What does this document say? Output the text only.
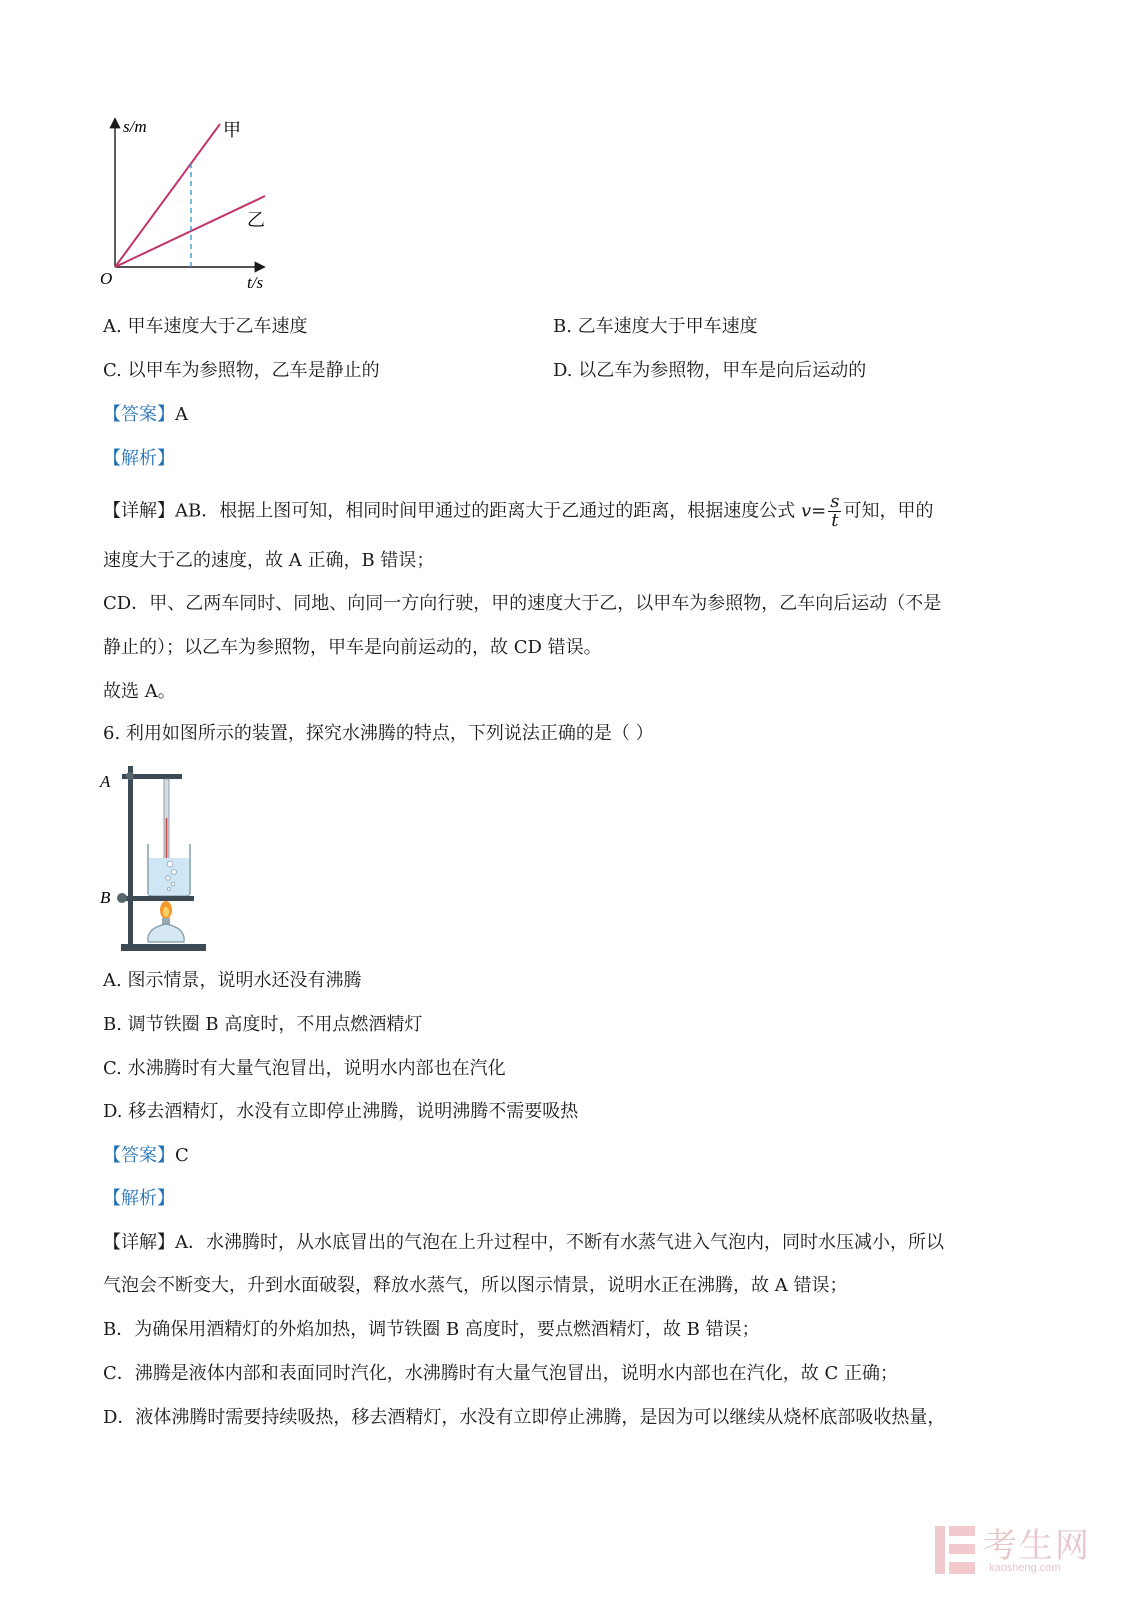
s/m
t/s
O
甲
乙
A. 甲车速度大于乙车速度	B. 乙车速度大于甲车速度
C. 以甲车为参照物，乙车是静止的	D. 以乙车为参照物，甲车是向后运动的
【答案】A
【解析】
【详解】AB．根据上图可知，相同时间甲通过的距离大于乙通过的距离，根据速度公式 $v= \frac{s}{t}$ 可知，甲的
速度大于乙的速度，故 A 正确，B 错误；
CD．甲、乙两车同时、同地、向同一方向行驶，甲的速度大于乙，以甲车为参照物，乙车向后运动（不是
静止的）；以乙车为参照物，甲车是向前运动的，故 CD 错误。
故选 A。
6. 利用如图所示的装置，探究水沸腾的特点，下列说法正确的是（ ）
A
B
A. 图示情景，说明水还没有沸腾
B. 调节铁圈 B 高度时，不用点燃酒精灯
C. 水沸腾时有大量气泡冒出，说明水内部也在汽化
D. 移去酒精灯，水没有立即停止沸腾，说明沸腾不需要吸热
【答案】C
【解析】
【详解】A．水沸腾时，从水底冒出的气泡在上升过程中，不断有水蒸气进入气泡内，同时水压减小，所以
气泡会不断变大，升到水面破裂，释放水蒸气，所以图示情景，说明水正在沸腾，故 A 错误；
B．为确保用酒精灯的外焰加热，调节铁圈 B 高度时，要点燃酒精灯，故 B 错误；
C．沸腾是液体内部和表面同时汽化，水沸腾时有大量气泡冒出，说明水内部也在汽化，故 C 正确；
D．液体沸腾时需要持续吸热，移去酒精灯，水没有立即停止沸腾，是因为可以继续从烧杯底部吸收热量，
考生网
kaosheng.com
